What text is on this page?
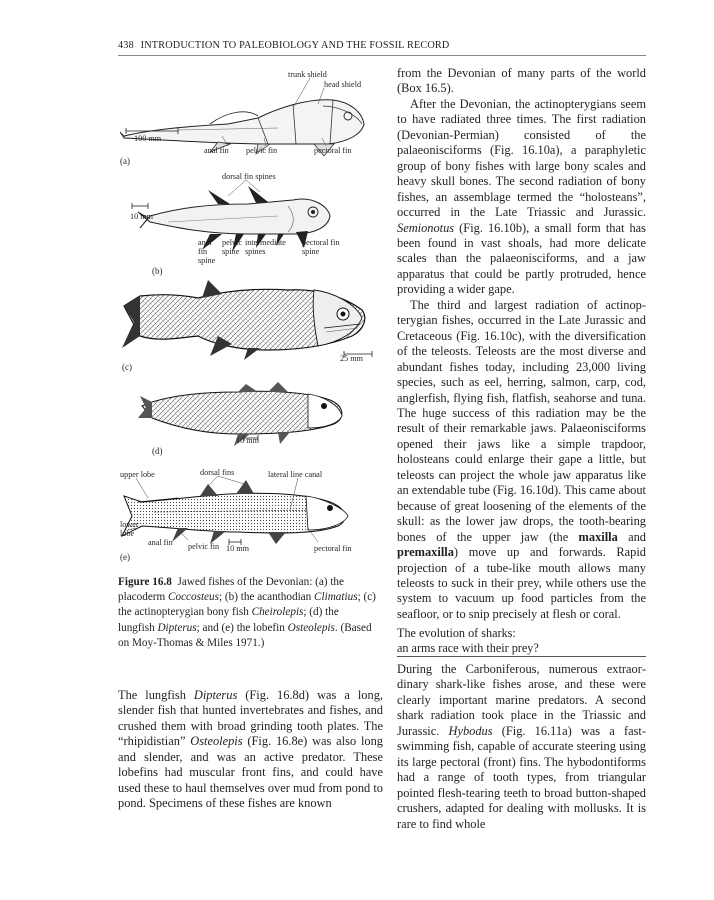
438 INTRODUCTION TO PALEOBIOLOGY AND THE FOSSIL RECORD
trunk shield
head shield
100 mm
anal fin pelvic fin	pectoral fin
(a)
dorsal fin spines
10 mm
anal fin spine
pelvic spine
intermediate spines
pectoral fin spine
(b)
25 mm
(c)
10 mm
(d)
upper lobe	dorsal fins	lateral line canal
lower lobe
anal fin pelvic fin 10 mm	pectoral fin
(e)
Figure 16.8 Jawed fishes of the Devonian: (a) the placoderm Coccosteus; (b) the acanthodian Climatius; (c) the actinopterygian bony fish Cheirolepis; (d) the lungfish Dipterus; and (e) the lobefin Osteolepis. (Based on Moy-Thomas & Miles 1971.)

The lungfish Dipterus (Fig. 16.8d) was a long, slender fish that hunted invertebrates and fishes, and crushed them with broad grinding tooth plates. The “rhipidistian” Osteolepis (Fig. 16.8e) was also long and slender, and was an active predator. These lobefins had muscular front fins, and could have used these to haul themselves over mud from pond to pond. Specimens of these fishes are known

from the Devonian of many parts of the world (Box 16.5).

After the Devonian, the actinopterygians seem to have radiated three times. The first radiation (Devonian-Permian) consisted of the palaeonisciforms (Fig. 16.10a), a paraphyletic group of bony fishes with large bony scales and heavy skull bones. The second radiation of bony fishes, an assemblage termed the “holosteans”, occurred in the Late Triassic and Jurassic. Semionotus (Fig. 16.10b), a small form that has been found in vast shoals, had more delicate scales than the palaeonisciforms, and a jaw apparatus that could be partly protruded, hence providing a wider gape.

The third and largest radiation of actinopterygian fishes, occurred in the Late Jurassic and Cretaceous (Fig. 16.10c), with the diversification of the teleosts. Teleosts are the most diverse and abundant fishes today, including 23,000 living species, such as eel, herring, salmon, carp, cod, anglerfish, flying fish, flatfish, seahorse and tuna. The huge success of this radiation may be the result of their remarkable jaws. Palaeonisciforms opened their jaws like a simple trapdoor, holosteans could enlarge their gape a little, but teleosts can project the whole jaw apparatus like an extendable tube (Fig. 16.10d). This came about because of great loosening of the elements of the skull: as the lower jaw drops, the tooth-bearing bones of the upper jaw (the maxilla and premaxilla) move up and forwards. Rapid projection of a tube-like mouth allows many teleosts to suck in their prey, while others use the system to vacuum up food particles from the seafloor, or to snip precisely at flesh or coral.

The evolution of sharks:
an arms race with their prey?

During the Carboniferous, numerous extraordinary shark-like fishes arose, and these were clearly important marine predators. A second shark radiation took place in the Triassic and Jurassic. Hybodus (Fig. 16.11a) was a fast-swimming fish, capable of accurate steering using its large pectoral (front) fins. The hybodontiforms had a range of tooth types, from triangular pointed flesh-tearing teeth to broad button-shaped crushers, adapted for dealing with mollusks. It is rare to find whole
